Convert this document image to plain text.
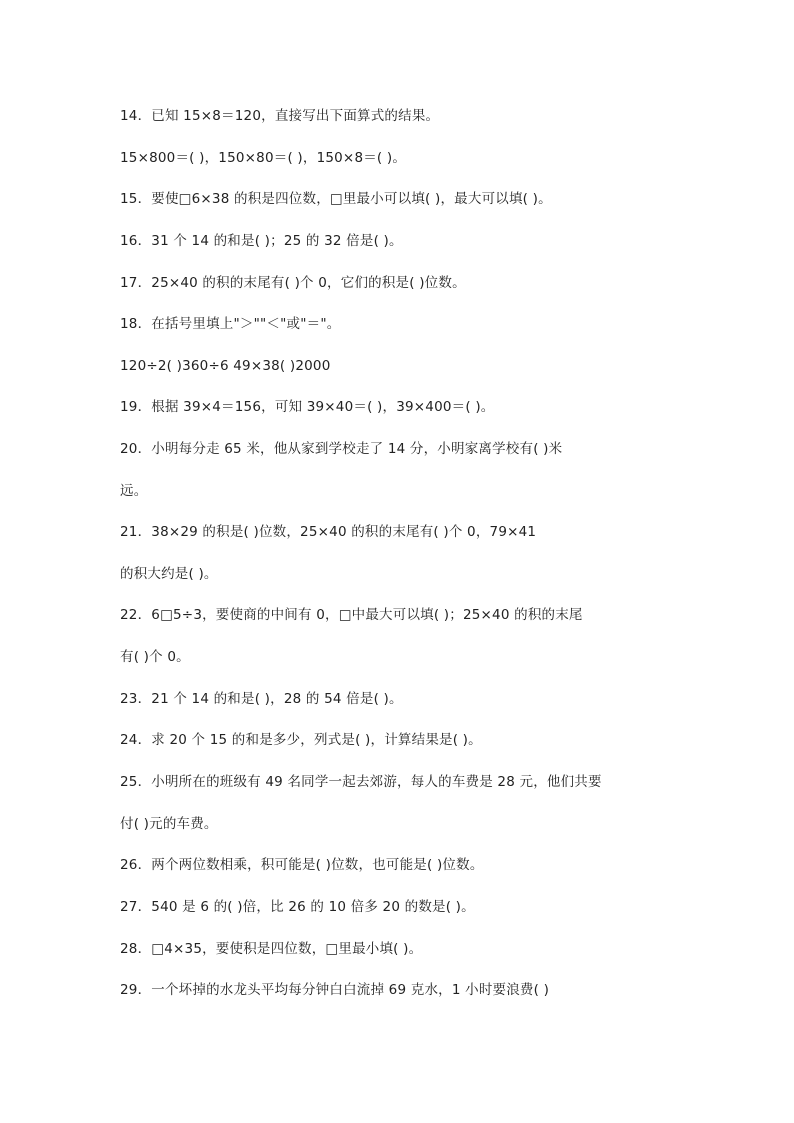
14．已知 15×8＝120，直接写出下面算式的结果。
15×800＝( )，150×80＝( )，150×8＝( )。
15．要使□6×38 的积是四位数，□里最小可以填( )，最大可以填( )。
16．31 个 14 的和是( )；25 的 32 倍是( )。
17．25×40 的积的末尾有( )个 0，它们的积是( )位数。
18．在括号里填上"＞""＜"或"＝"。
120÷2( )360÷6 49×38( )2000
19．根据 39×4＝156，可知 39×40＝( )，39×400＝( )。
20．小明每分走 65 米，他从家到学校走了 14 分，小明家离学校有( )米
远。
21．38×29 的积是( )位数，25×40 的积的末尾有( )个 0，79×41
的积大约是( )。
22．6□5÷3，要使商的中间有 0，□中最大可以填( )；25×40 的积的末尾
有( )个 0。
23．21 个 14 的和是( )，28 的 54 倍是( )。
24．求 20 个 15 的和是多少，列式是( )，计算结果是( )。
25．小明所在的班级有 49 名同学一起去郊游，每人的车费是 28 元，他们共要
付( )元的车费。
26．两个两位数相乘，积可能是( )位数，也可能是( )位数。
27．540 是 6 的( )倍，比 26 的 10 倍多 20 的数是( )。
28．□4×35，要使积是四位数，□里最小填( )。
29．一个坏掉的水龙头平均每分钟白白流掉 69 克水，1 小时要浪费( )
